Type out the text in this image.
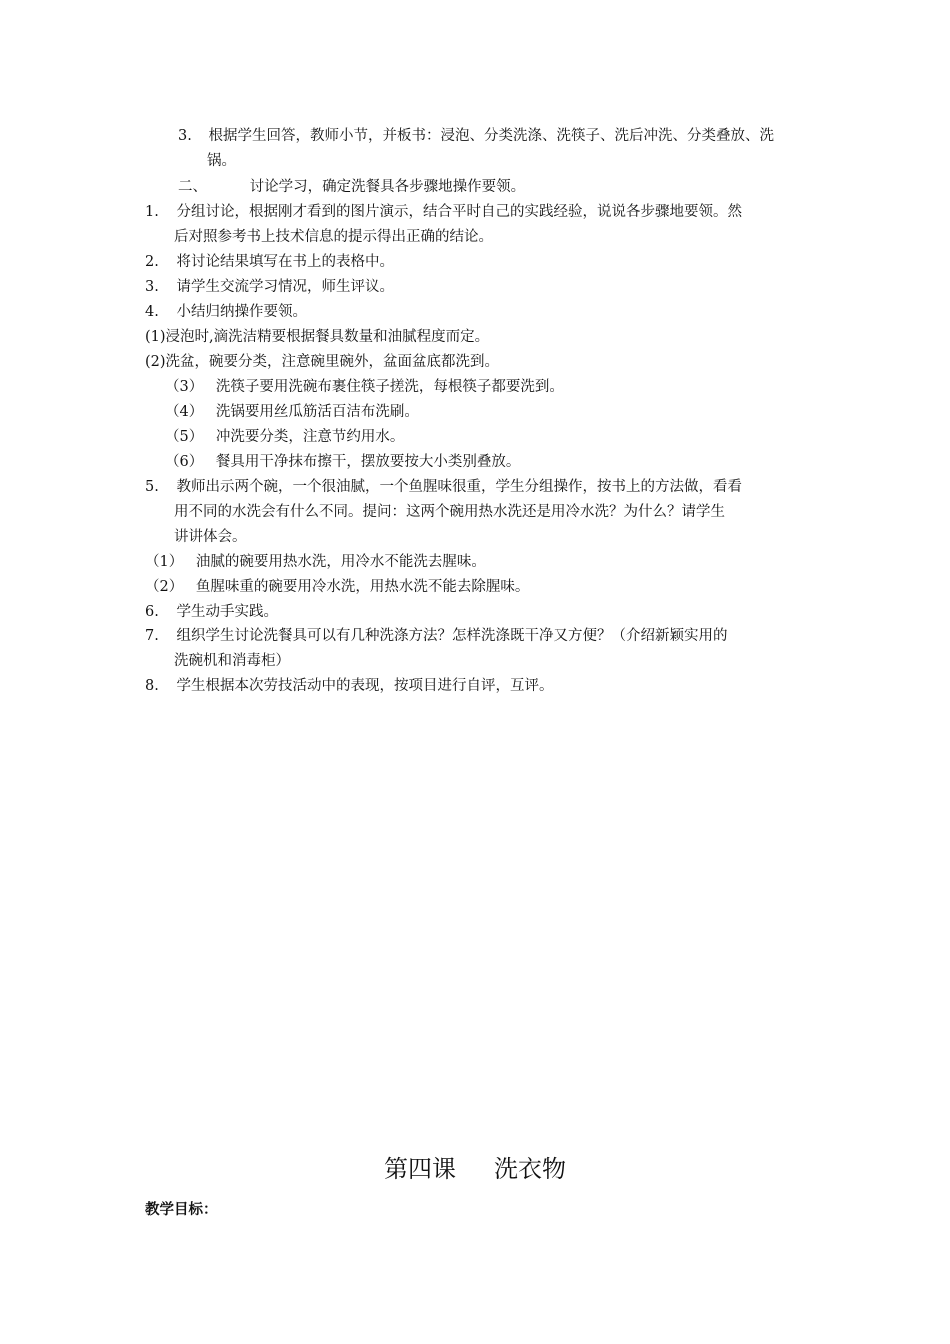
3. 根据学生回答，教师小节，并板书：浸泡、分类洗涤、洗筷子、洗后冲洗、分类叠放、洗
锅。
二、	讨论学习，确定洗餐具各步骤地操作要领。
1. 分组讨论，根据刚才看到的图片演示，结合平时自己的实践经验，说说各步骤地要领。然
后对照参考书上技术信息的提示得出正确的结论。
2. 将讨论结果填写在书上的表格中。
3. 请学生交流学习情况，师生评议。
4. 小结归纳操作要领。
(1)浸泡时,滴洗洁精要根据餐具数量和油腻程度而定。
(2)洗盆，碗要分类，注意碗里碗外，盆面盆底都洗到。
（3） 洗筷子要用洗碗布裹住筷子搓洗，每根筷子都要洗到。
（4） 洗锅要用丝瓜筋活百洁布洗刷。
（5） 冲洗要分类，注意节约用水。
（6） 餐具用干净抹布擦干，摆放要按大小类别叠放。
5. 教师出示两个碗，一个很油腻，一个鱼腥味很重，学生分组操作，按书上的方法做，看看
用不同的水洗会有什么不同。提问：这两个碗用热水洗还是用冷水洗？为什么？请学生
讲讲体会。
（1） 油腻的碗要用热水洗，用冷水不能洗去腥味。
（2） 鱼腥味重的碗要用冷水洗，用热水洗不能去除腥味。
6. 学生动手实践。
7. 组织学生讨论洗餐具可以有几种洗涤方法？怎样洗涤既干净又方便？（介绍新颖实用的
洗碗机和消毒柜）
8. 学生根据本次劳技活动中的表现，按项目进行自评，互评。
第四课 洗衣物
教学目标：
